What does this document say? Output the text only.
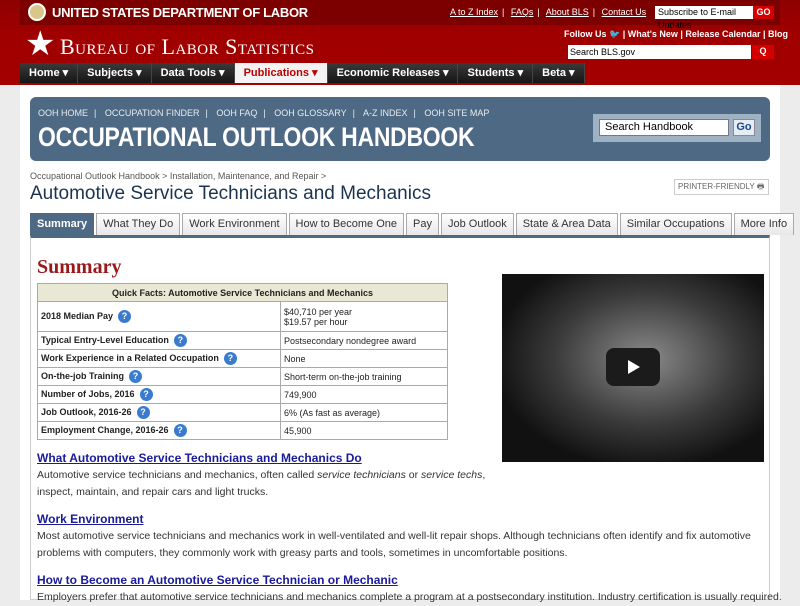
UNITED STATES DEPARTMENT OF LABOR	A to Z Index | FAQs | About BLS | Contact Us	Subscribe to E-mail Updates
GO
★ Bureau of Labor Statistics	Follow Us 🐦 | What's New | Release Calendar | Blog
Search BLS.gov	Q
Home ▾	Subjects ▾	Data Tools ▾	Publications ▾	Economic Releases ▾	Students ▾	Beta ▾
OOH HOME | OCCUPATION FINDER | OOH FAQ | OOH GLOSSARY | A-Z INDEX | OOH SITE MAP
OCCUPATIONAL OUTLOOK HANDBOOK	Search Handbook	Go
Occupational Outlook Handbook > Installation, Maintenance, and Repair >
Automotive Service Technicians and Mechanics	PRINTER-FRIENDLY 🖶
Summary	What They Do	Work Environment	How to Become One	Pay	Job Outlook	State & Area Data	Similar Occupations	More Info
Summary
Quick Facts: Automotive Service Technicians and Mechanics	
2018 Median Pay ?	$40,710 per year
$19.57 per hour
Typical Entry-Level Education ?	Postsecondary nondegree award
Work Experience in a Related Occupation ?	None
On-the-job Training ?	Short-term on-the-job training
Number of Jobs, 2016 ?	749,900
Job Outlook, 2016-26 ?	6% (As fast as average)
Employment Change, 2016-26 ?	45,900
What Automotive Service Technicians and Mechanics Do

Automotive service technicians and mechanics, often called service technicians or service techs,
inspect, maintain, and repair cars and light trucks.

Work Environment

Most automotive service technicians and mechanics work in well-ventilated and well-lit repair shops. Although technicians often identify and fix automotive problems with computers, they commonly work with greasy parts and tools, sometimes in uncomfortable positions.

How to Become an Automotive Service Technician or Mechanic

Employers prefer that automotive service technicians and mechanics complete a program at a postsecondary institution. Industry certification is usually required.
